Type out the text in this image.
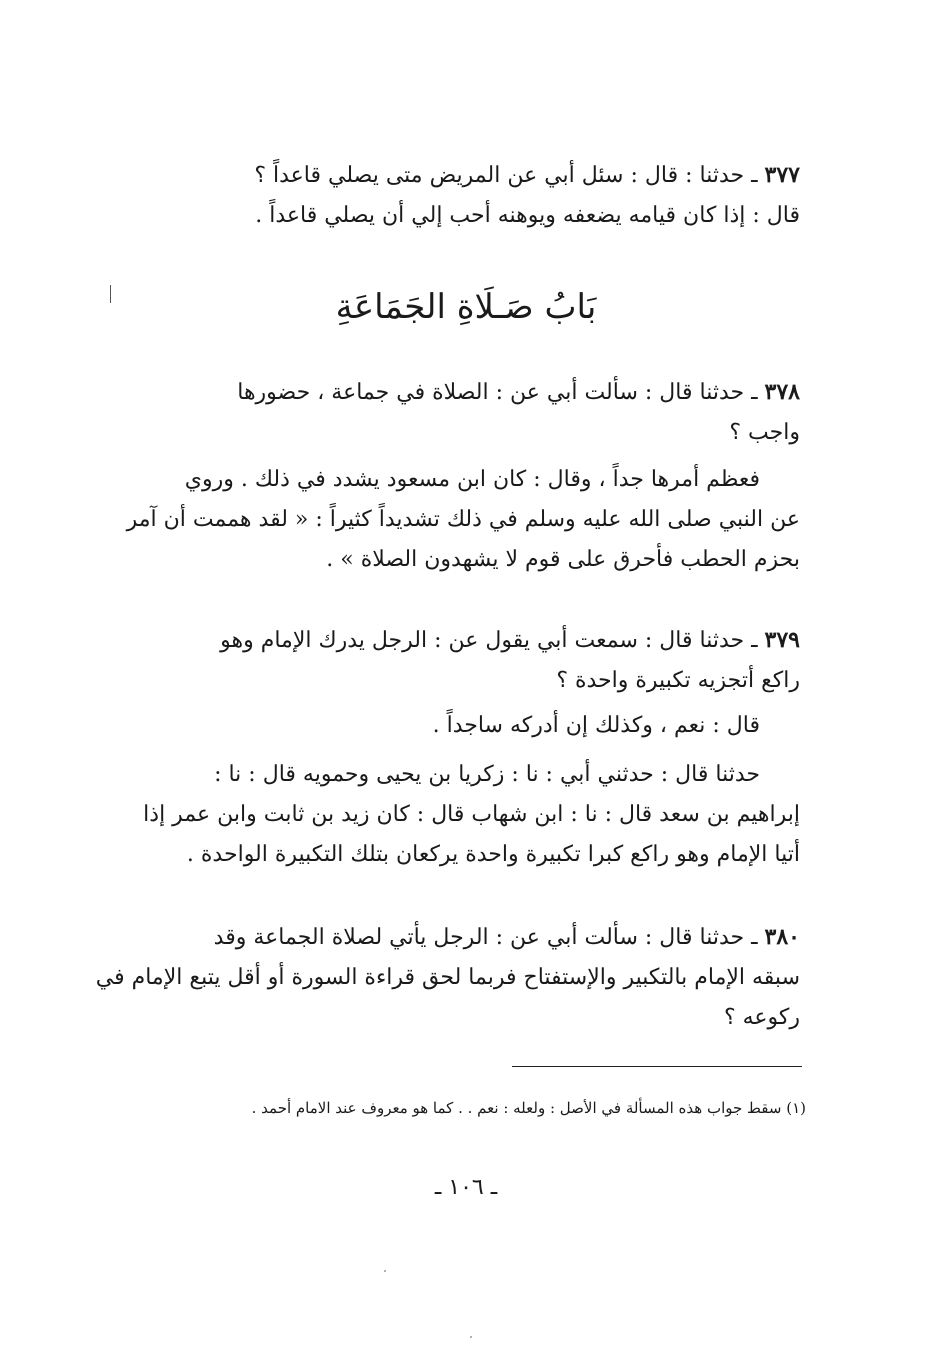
٣٧٧ ـ حدثنا : قال : سئل أبي عن المريض متى يصلي قاعداً ؟
قال : إذا كان قيامه يضعفه ويوهنه أحب إلي أن يصلي قاعداً .
بَابُ صَـلَاةِ الجَمَاعَةِ
٣٧٨ ـ حدثنا قال : سألت أبي عن : الصلاة في جماعة ، حضورها
واجب ؟
فعظم أمرها جداً ، وقال : كان ابن مسعود يشدد في ذلك . وروي
عن النبي صلى الله عليه وسلم في ذلك تشديداً كثيراً : « لقد هممت أن آمر
بحزم الحطب فأحرق على قوم لا يشهدون الصلاة » .
٣٧٩ ـ حدثنا قال : سمعت أبي يقول عن : الرجل يدرك الإمام وهو
راكع أتجزيه تكبيرة واحدة ؟
قال : نعم ، وكذلك إن أدركه ساجداً .
حدثنا قال : حدثني أبي : نا : زكريا بن يحيى وحمويه قال : نا :
إبراهيم بن سعد قال : نا : ابن شهاب قال : كان زيد بن ثابت وابن عمر إذا
أتيا الإمام وهو راكع كبرا تكبيرة واحدة يركعان بتلك التكبيرة الواحدة .
٣٨٠ ـ حدثنا قال : سألت أبي عن : الرجل يأتي لصلاة الجماعة وقد
سبقه الإمام بالتكبير والإستفتاح فربما لحق قراءة السورة أو أقل يتبع الإمام في
ركوعه ؟
(١) سقط جواب هذه المسألة في الأصل : ولعله : نعم . . كما هو معروف عند الامام أحمد .
ـ ١٠٦ ـ
